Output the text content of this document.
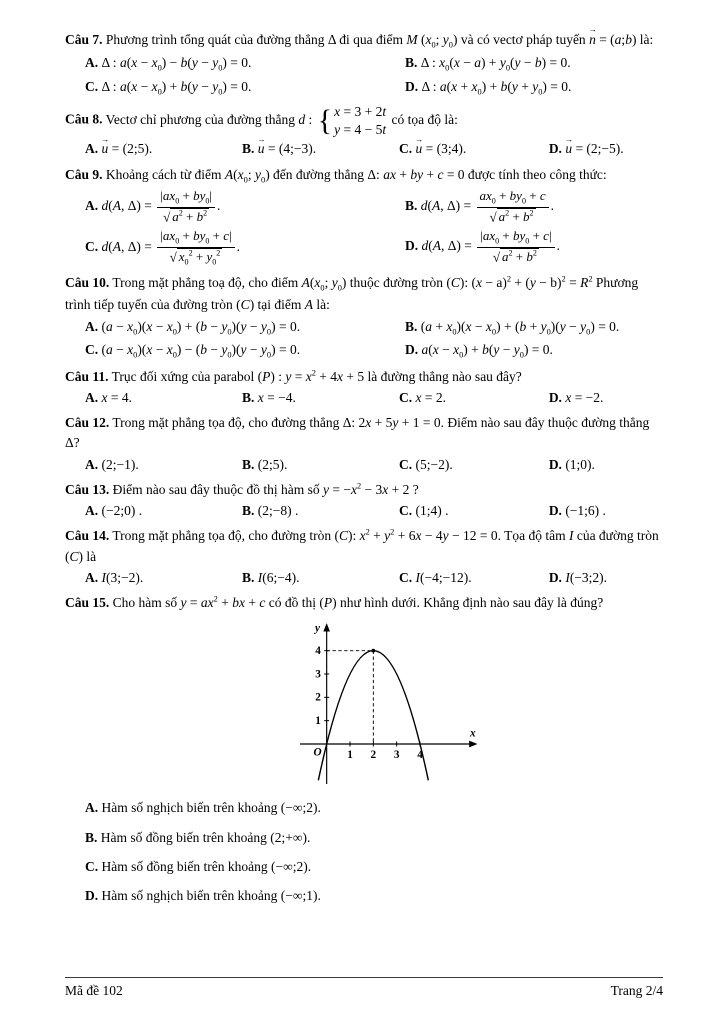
Câu 7. Phương trình tổng quát của đường thẳng Δ đi qua điểm M ($x_0$; $y_0$) và có vectơ pháp tuyến n → = (a;b) là:
A. Δ : $a(x - x_0) - b(y - y_0) = 0$.	B. Δ : $x_0(x - a) + y_0(y - b) = 0$.
C. Δ : $a(x - x_0) + b(y - y_0) = 0$.	D. Δ : $a(x + x_0) + b(y + y_0) = 0$.
Câu 8. Vectơ chỉ phương của đường thẳng d : { x = 3 + 2t
y = 4 − 5t
có tọa độ là:
A. u → = (2;5).	B. u → = (4;−3).	C. u → = (3;4).	D. u → = (2;−5).
Câu 9. Khoảng cách từ điểm $A(x_0$; $y_0$) đến đường thẳng Δ: ax + by + c = 0 được tính theo công thức:
A. d(A, $\Delta) = \frac{|ax_0 + by_0|}{√ a^2 + b^2}$ .	B. d(A, $\Delta) = \frac{ax_0 + by_0 + c}{√ a^2 + b^2}$ .
C. d(A, $\Delta) = \frac{|ax_0 + by_0 + c|}{√ x_0^2 + y_0^2}$ .	D. d(A, $\Delta) = \frac{|ax_0 + by_0 + c|}{√ a^2 + b^2}$ .
Câu 10. Trong mặt phẳng toạ độ, cho điểm $A(x_0$; $y_0$) thuộc đường tròn (C): $(x - a)^2 + (y - b)^2 = R^2$ Phương trình tiếp tuyến của đường tròn (C) tại điểm A là:
A. $(a - x_0)(x - x_0) + (b - y_0)(y - y_0) = 0$.	B. $(a + x_0)(x - x_0) + (b + y_0)(y - y_0) = 0$.
C. $(a - x_0)(x - x_0) - (b - y_0)(y - y_0) = 0$.	D. $a(x - x_0) + b(y - y_0) = 0$.
Câu 11. Trục đối xứng của parabol (P) : $y = x^2 + 4x + 5$ là đường thẳng nào sau đây?
A. x = 4.	B. x = −4.	C. x = 2.	D. x = −2.
Câu 12. Trong mặt phẳng tọa độ, cho đường thẳng Δ: 2x + 5y + 1 = 0. Điểm nào sau đây thuộc đường thẳng Δ?
A. (2;−1).	B. (2;5).	C. (5;−2).	D. (1;0).
Câu 13. Điểm nào sau đây thuộc đồ thị hàm số $y = -x^2 - 3x + 2$ ?
A. (−2;0) .	B. (2;−8) .	C. (1;4) .	D. (−1;6) .
Câu 14. Trong mặt phẳng tọa độ, cho đường tròn (C): $x^2 + y^2 + 6x - 4y - 12 = 0$. Tọa độ tâm I của đường tròn (C) là
A. I(3;−2).	B. I(6;−4).	C. I(−4;−12).	D. I(−3;2).
Câu 15. Cho hàm số $y = ax^2$ + bx + c có đồ thị (P) như hình dưới. Khẳng định nào sau đây là đúng?
x
y
O 1 2 3 4
1
2
3
4
A. Hàm số nghịch biến trên khoảng (−∞;2).
B. Hàm số đồng biến trên khoảng (2;+∞).
C. Hàm số đồng biến trên khoảng (−∞;2).
D. Hàm số nghịch biến trên khoảng (−∞;1).
Mã đề 102	Trang 2/4
